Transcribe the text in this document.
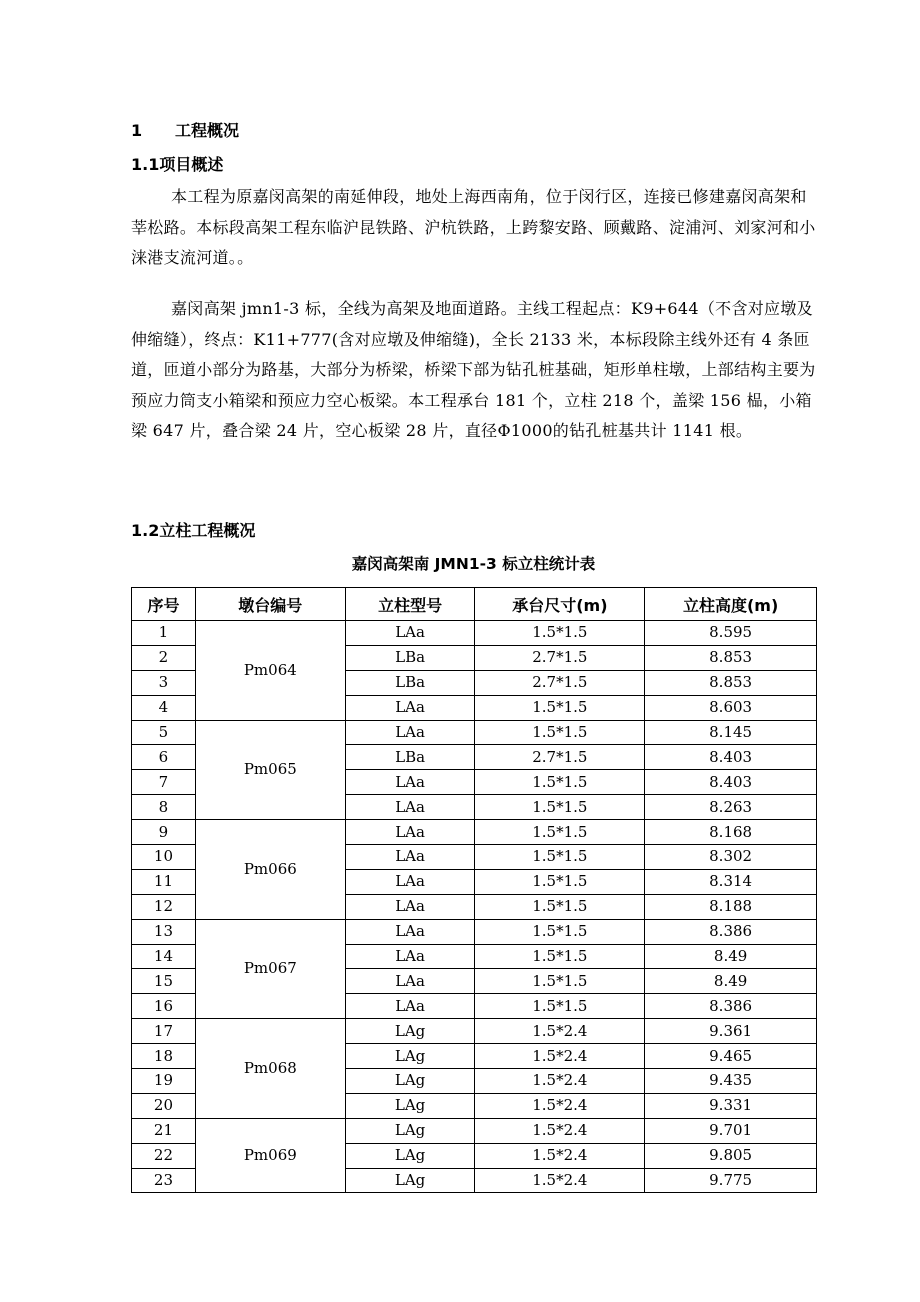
1 工程概况
1.1项目概述

本工程为原嘉闵高架的南延伸段，地处上海西南角，位于闵行区，连接已修建嘉闵高架和莘松路。本标段高架工程东临沪昆铁路、沪杭铁路，上跨黎安路、顾戴路、淀浦河、刘家河和小涞港支流河道。。

嘉闵高架 jmn1-3 标，全线为高架及地面道路。主线工程起点：K9+644（不含对应墩及伸缩缝），终点：K11+777(含对应墩及伸缩缝)，全长 2133 米，本标段除主线外还有 4 条匝道，匝道小部分为路基，大部分为桥梁，桥梁下部为钻孔桩基础，矩形单柱墩，上部结构主要为预应力筒支小箱梁和预应力空心板梁。本工程承台 181 个，立柱 218 个，盖梁 156 榀，小箱梁 647 片，叠合梁 24 片，空心板梁 28 片，直径Φ1000的钻孔桩基共计 1141 根。

1.2立柱工程概况
嘉闵高架南 JMN1-3 标立柱统计表
序号	墩台编号	立柱型号	承台尺寸(m)	立柱高度(m)
1	Pm064	LAa	1.5*1.5	8.595
2		LBa	2.7*1.5	8.853
3		LBa	2.7*1.5	8.853
4		LAa	1.5*1.5	8.603
5	Pm065	LAa	1.5*1.5	8.145
6		LBa	2.7*1.5	8.403
7		LAa	1.5*1.5	8.403
8		LAa	1.5*1.5	8.263
9	Pm066	LAa	1.5*1.5	8.168
10		LAa	1.5*1.5	8.302
11		LAa	1.5*1.5	8.314
12		LAa	1.5*1.5	8.188
13	Pm067	LAa	1.5*1.5	8.386
14		LAa	1.5*1.5	8.49
15		LAa	1.5*1.5	8.49
16		LAa	1.5*1.5	8.386
17	Pm068	LAg	1.5*2.4	9.361
18		LAg	1.5*2.4	9.465
19		LAg	1.5*2.4	9.435
20		LAg	1.5*2.4	9.331
21	Pm069	LAg	1.5*2.4	9.701
22		LAg	1.5*2.4	9.805
23		LAg	1.5*2.4	9.775
